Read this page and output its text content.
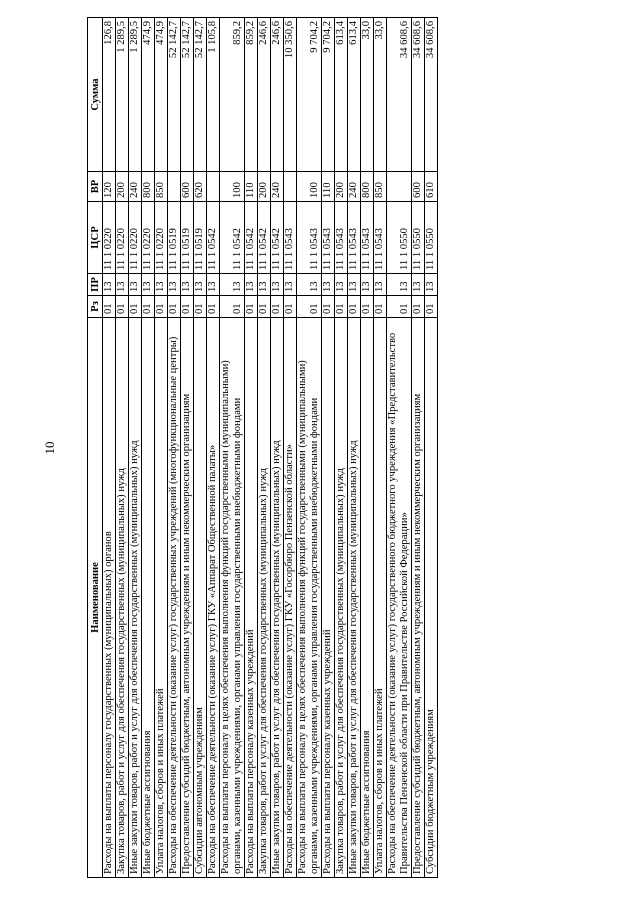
10
Наименование	Рз	ПР	ЦСР	ВР	Сумма
Расходы на выплаты персоналу государственных (муниципальных) органов	01	13	11 1 0220	120	126,8
Закупка товаров, работ и услуг для обеспечения государственных (муниципальных) нужд	01	13	11 1 0220	200	1 289,5
Иные закупки товаров, работ и услуг для обеспечения государственных (муниципальных) нужд	01	13	11 1 0220	240	1 289,5
Иные бюджетные ассигнования	01	13	11 1 0220	800	474,9
Уплата налогов, сборов и иных платежей	01	13	11 1 0220	850	474,9
Расходы на обеспечение деятельности (оказание услуг) государственных учреждений (многофункциональные центры)	01	13	11 1 0519		52 142,7
Предоставление субсидий бюджетным, автономным учреждениям и иным некоммерческим организациям	01	13	11 1 0519	600	52 142,7
Субсидии автономным учреждениям	01	13	11 1 0519	620	52 142,7
Расходы на обеспечение деятельности (оказание услуг) ГКУ «Аппарат Общественной палаты»	01	13	11 1 0542		1 105,8
Расходы на выплаты персоналу в целях обеспечения выполнения функций государственными (муниципальными) органами, казенными учреждениями, органами управления государственными внебюджетными фондами	01	13	11 1 0542	100	859,2
Расходы на выплаты персоналу казенных учреждений	01	13	11 1 0542	110	859,2
Закупка товаров, работ и услуг для обеспечения государственных (муниципальных) нужд	01	13	11 1 0542	200	246,6
Иные закупки товаров, работ и услуг для обеспечения государственных (муниципальных) нужд	01	13	11 1 0542	240	246,6
Расходы на обеспечение деятельности (оказание услуг) ГКУ «Госорбюро Пензенской области»	01	13	11 1 0543		10 350,6
Расходы на выплаты персоналу в целях обеспечения выполнения функций государственными (муниципальными) органами, казенными учреждениями, органами управления государственными внебюджетными фондами	01	13	11 1 0543	100	9 704,2
Расходы на выплаты персоналу казенных учреждений	01	13	11 1 0543	110	9 704,2
Закупка товаров, работ и услуг для обеспечения государственных (муниципальных) нужд	01	13	11 1 0543	200	613,4
Иные закупки товаров, работ и услуг для обеспечения государственных (муниципальных) нужд	01	13	11 1 0543	240	613,4
Иные бюджетные ассигнования	01	13	11 1 0543	800	33,0
Уплата налогов, сборов и иных платежей	01	13	11 1 0543	850	33,0
Расходы на обеспечение деятельности (оказание услуг) государственного бюджетного учреждения «Представительство Правительства Пензенской области при Правительстве Российской Федерации»	01	13	11 1 0550		34 608,6
Предоставление субсидий бюджетным, автономным учреждениям и иным некоммерческим организациям	01	13	11 1 0550	600	34 608,6
Субсидии бюджетным учреждениям	01	13	11 1 0550	610	34 608,6
